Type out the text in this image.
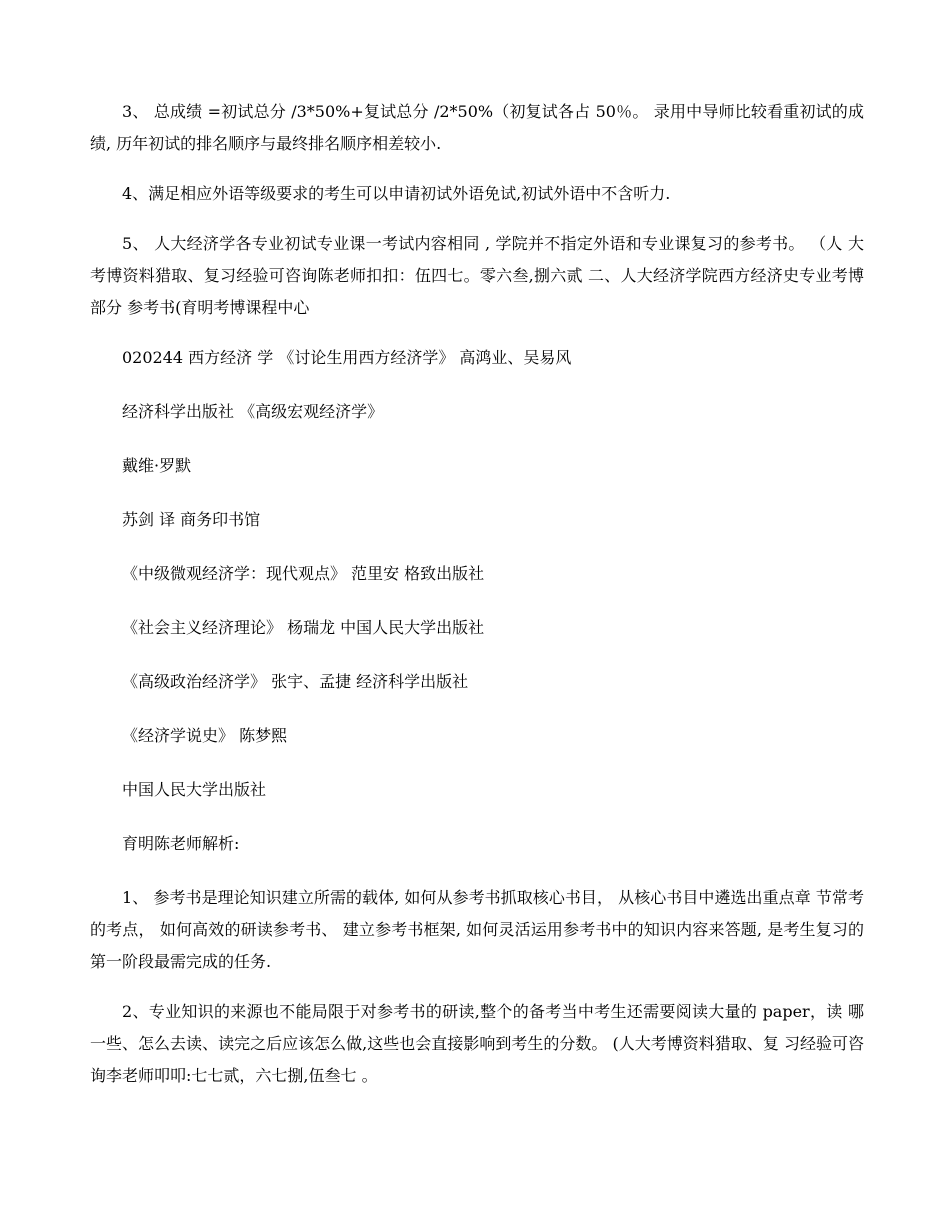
3、 总成绩 =初试总分 /3*50%+复试总分 /2*50%（初复试各占 50％。 录用中导师比较看重初试的成绩, 历年初试的排名顺序与最终排名顺序相差较小.

4、满足相应外语等级要求的考生可以申请初试外语免试,初试外语中不含听力.

5、 人大经济学各专业初试专业课一考试内容相同 , 学院并不指定外语和专业课复习的参考书。 （人 大考博资料猎取、复习经验可咨询陈老师扣扣：伍四七。零六叁,捌六贰 二、人大经济学院西方经济史专业考博 部分 参考书(育明考博课程中心

020244 西方经济 学 《讨论生用西方经济学》 高鸿业、吴易风

经济科学出版社 《高级宏观经济学》

戴维·罗默

苏剑 译 商务印书馆

《中级微观经济学：现代观点》 范里安 格致出版社

《社会主义经济理论》 杨瑞龙 中国人民大学出版社

《高级政治经济学》 张宇、孟捷 经济科学出版社

《经济学说史》 陈梦熙

中国人民大学出版社

育明陈老师解析:

1、 参考书是理论知识建立所需的载体, 如何从参考书抓取核心书目， 从核心书目中遴选出重点章 节常考的考点， 如何高效的研读参考书、 建立参考书框架, 如何灵活运用参考书中的知识内容来答题, 是考生复习的第一阶段最需完成的任务.

2、专业知识的来源也不能局限于对参考书的研读,整个的备考当中考生还需要阅读大量的 paper，读 哪一些、怎么去读、读完之后应该怎么做,这些也会直接影响到考生的分数。 (人大考博资料猎取、复 习经验可咨询李老师叩叩:七七贰，六七捌,伍叁七 。
